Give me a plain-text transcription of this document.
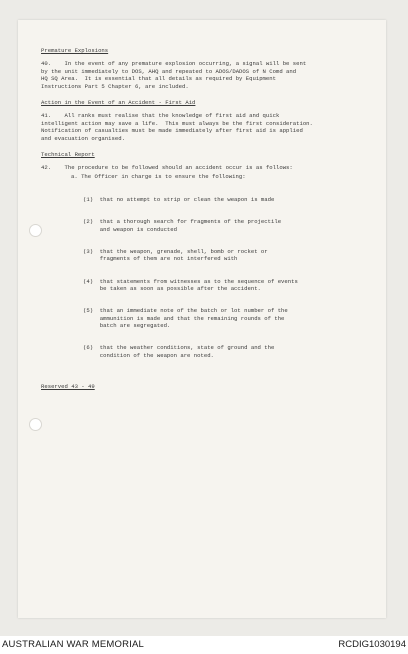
Premature Explosions

40.    In the event of any premature explosion occurring, a signal will be sent
by the unit immediately to DOS, AHQ and repeated to ADOS/DADOS of N Comd and
HQ SQ Area.  It is essential that all details as required by Equipment
Instructions Part 5 Chapter 6, are included.

Action in the Event of an Accident - First Aid

41.    All ranks must realise that the knowledge of first aid and quick
intelligent action may save a life.  This must always be the first consideration.
Notification of casualties must be made immediately after first aid is applied
and evacuation organised.

Technical Report

42.    The procedure to be followed should an accident occur is as follows:

a. The Officer in charge is to ensure the following:

(1)  that no attempt to strip or clean the weapon is made

(2)  that a thorough search for fragments of the projectile
and weapon is conducted

(3)  that the weapon, grenade, shell, bomb or rocket or
fragments of them are not interfered with

(4)  that statements from witnesses as to the sequence of events
be taken as soon as possible after the accident.

(5)  that an immediate note of the batch or lot number of the
ammunition is made and that the remaining rounds of the
batch are segregated.

(6)  that the weather conditions, state of ground and the
condition of the weapon are noted.

Reserved 43 - 49
AUSTRALIAN WAR MEMORIAL	RCDIG1030194
